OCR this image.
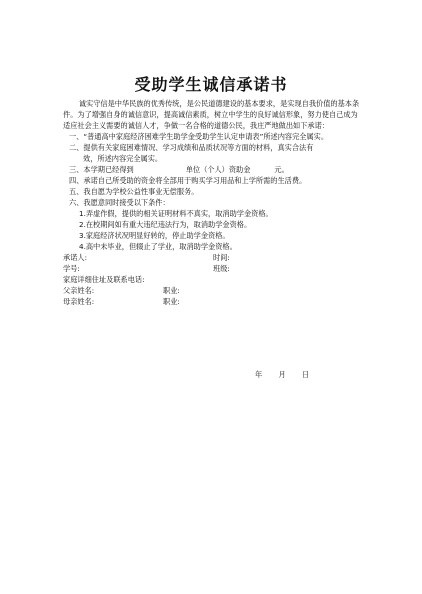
受助学生诚信承诺书

诚实守信是中华民族的优秀传统，是公民道德建设的基本要求，是实现自我价值的基本条件。为了增强自身的诚信意识，提高诚信素质，树立中学生的良好诚信形象，努力使自己成为适应社会主义需要的诚信人才，争做一名合格的道德公民，我庄严地做出如下承诺：

一、“普通高中家庭经济困难学生助学金受助学生认定申请表”所述内容完全属实。

二、提供有关家庭困难情况、学习成绩和品质状况等方面的材料，真实合法有
效，所述内容完全属实。

三、本学期已经得到	单位（个人）资助金	元。

四、承诺自己所受助的资金将全部用于购买学习用品和上学所需的生活费。

五、我自愿为学校公益性事业无偿服务。

六、我愿意同时接受以下条件：

1.弄虚作假，提供的相关证明材料不真实，取消助学金资格。

2.在校期间如有重大违纪违法行为，取消助学金资格。

3.家庭经济状况明显好转的，停止助学金资格。

4.高中未毕业，但辍止了学业，取消助学金资格。

承诺人:	时间:
学号:	班级:
家庭详细住址及联系电话:
父亲姓名:	职业:
母亲姓名:	职业:
年 月 日
